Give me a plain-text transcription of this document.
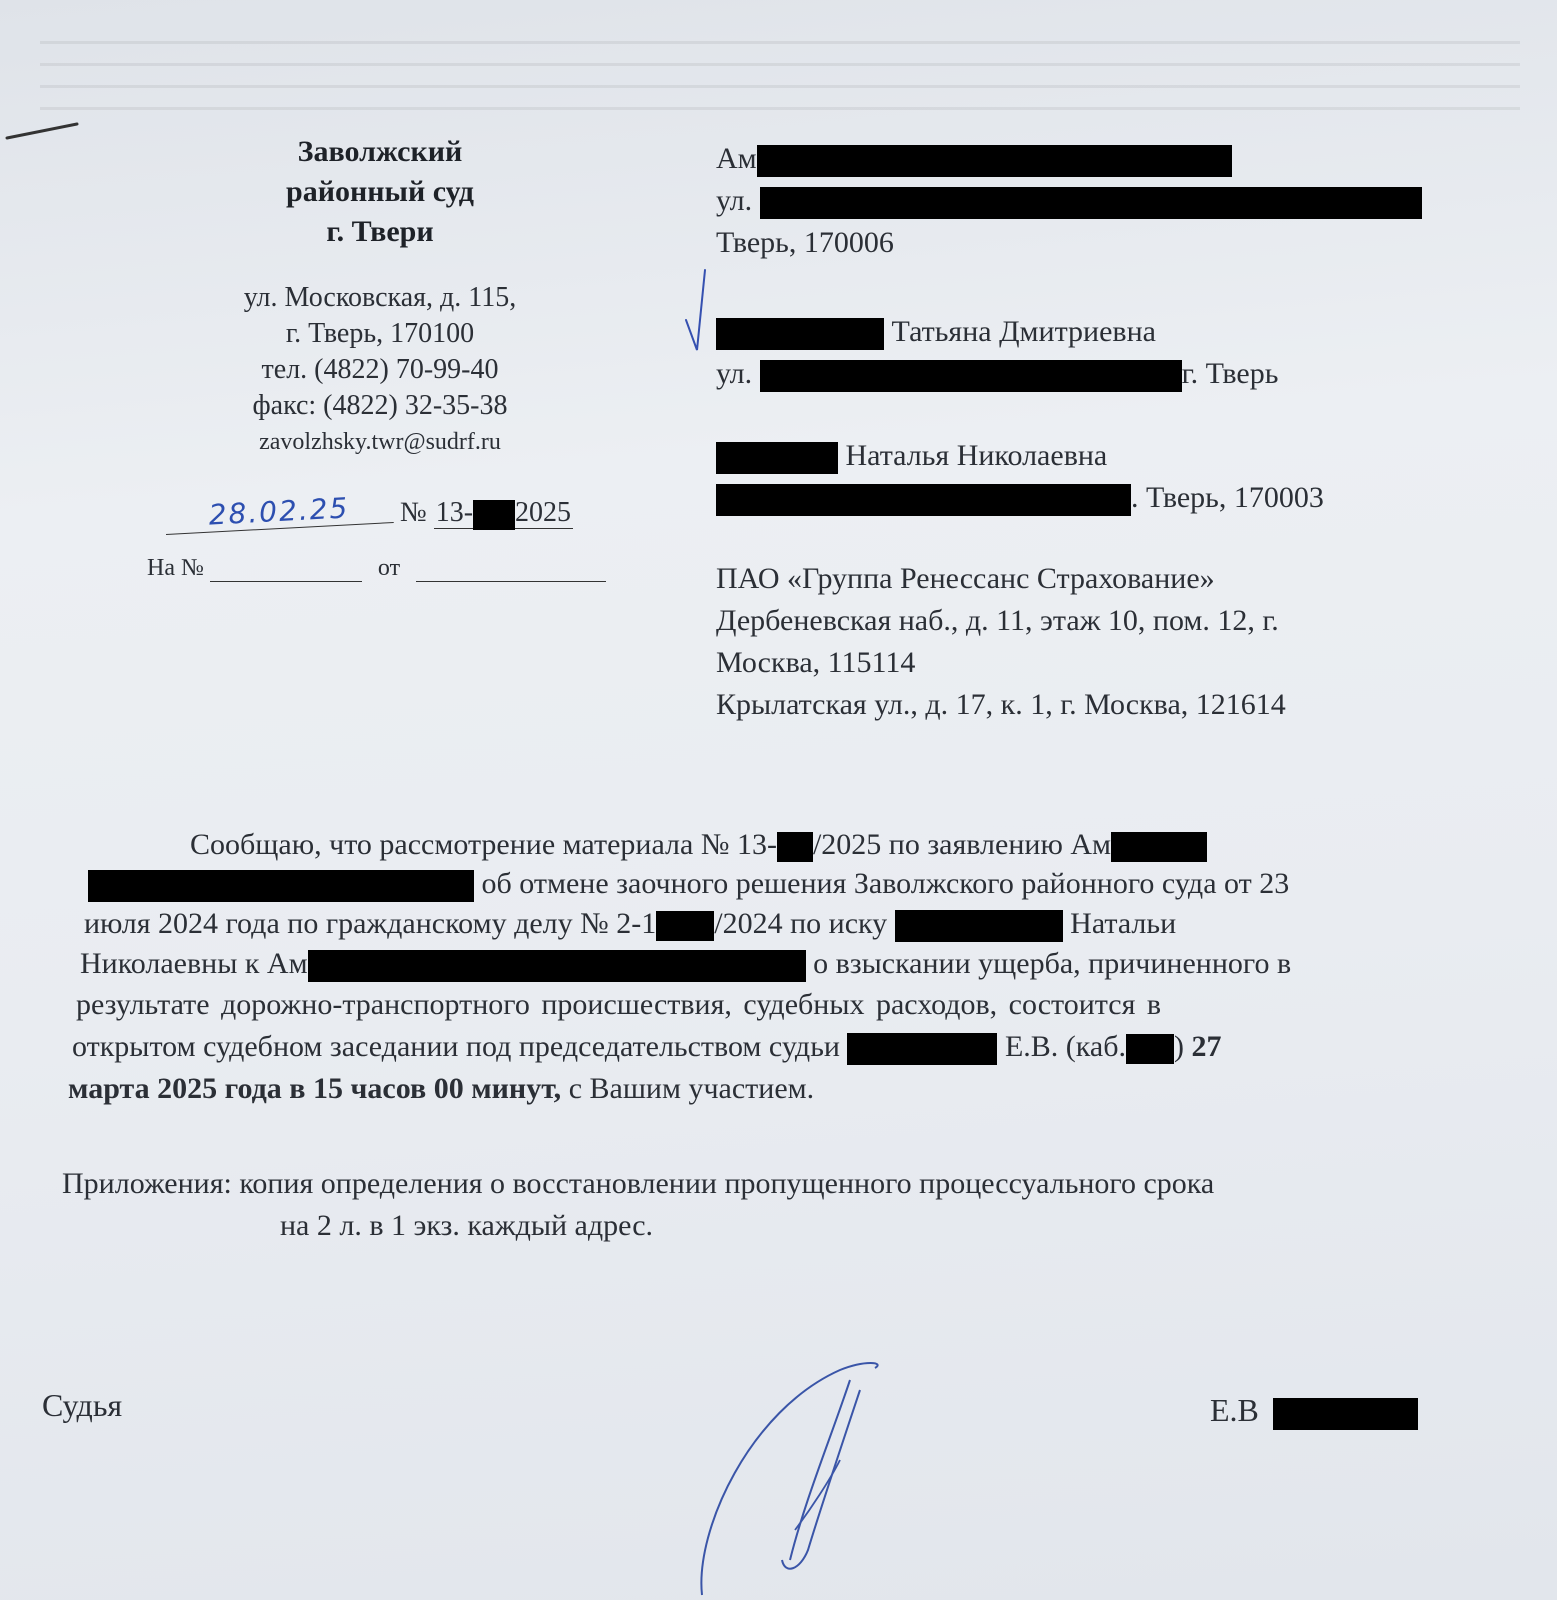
Заволжский
районный суд
г. Твери
ул. Московская, д. 115,
г. Тверь, 170100
тел. (4822) 70-99-40
факс: (4822) 32-35-38
zavolzhsky.twr@sudrf.ru
28.02.25 № 13- 2025
На №	от
Ам
ул.
Тверь, 170006
Татьяна Дмитриевна
ул.	г. Тверь
Наталья Николаевна
. Тверь, 170003
ПАО «Группа Ренессанс Страхование»
Дербеневская наб., д. 11, этаж 10, пом. 12, г.
Москва, 115114
Крылатская ул., д. 17, к. 1, г. Москва, 121614
Сообщаю, что рассмотрение материала № 13- /2025 по заявлению Ам
об отмене заочного решения Заволжского районного суда от 23
июля 2024 года по гражданскому делу № 2-1 /2024 по иску	Натальи
Николаевны к Ам	о взыскании ущерба, причиненного в
результате дорожно-транспортного происшествия, судебных расходов, состоится в
открытом судебном заседании под председательством судьи	Е.В. (каб. ) 27
марта 2025 года в 15 часов 00 минут, с Вашим участием.
Приложения: копия определения о восстановлении пропущенного процессуального срока
на 2 л. в 1 экз. каждый адрес.
Судья	Е.В
